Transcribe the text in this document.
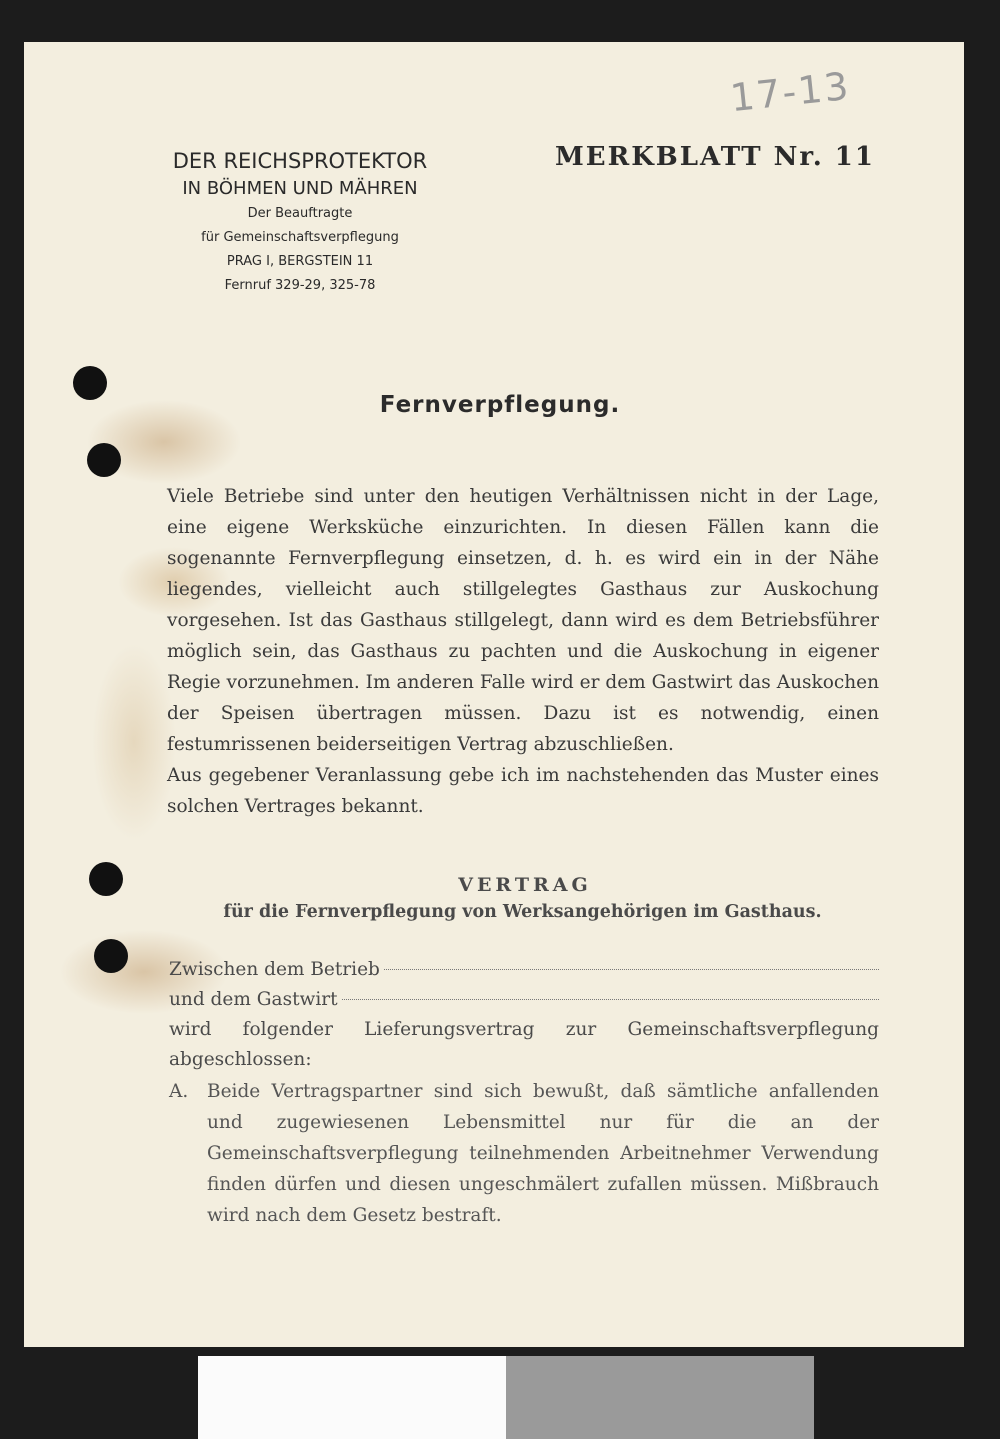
17-13
DER REICHSPROTEKTOR
IN BÖHMEN UND MÄHREN
Der Beauftragte
für Gemeinschaftsverpflegung
PRAG I, BERGSTEIN 11
Fernruf 329-29, 325-78
MERKBLATT Nr. 11
Fernverpflegung.

Viele Betriebe sind unter den heutigen Verhältnissen nicht in der Lage, eine eigene Werksküche einzurichten. In diesen Fällen kann die sogenannte Fernverpflegung einsetzen, d. h. es wird ein in der Nähe liegendes, vielleicht auch stillgelegtes Gasthaus zur Auskochung vorgesehen. Ist das Gasthaus stillgelegt, dann wird es dem Betriebsführer möglich sein, das Gasthaus zu pachten und die Auskochung in eigener Regie vorzunehmen. Im anderen Falle wird er dem Gastwirt das Auskochen der Speisen übertragen müssen. Dazu ist es notwendig, einen festumrissenen beiderseitigen Vertrag abzuschließen.

Aus gegebener Veranlassung gebe ich im nachstehenden das Muster eines solchen Vertrages bekannt.

VERTRAG
für die Fernverpflegung von Werksangehörigen im Gasthaus.
Zwischen dem Betrieb
und dem Gastwirt
wird folgender Lieferungsvertrag zur Gemeinschaftsverpflegung abgeschlossen:
A.	Beide Vertragspartner sind sich bewußt, daß sämtliche anfallenden und zugewiesenen Lebensmittel nur für die an der Gemeinschaftsverpflegung teilnehmenden Arbeitnehmer Verwendung finden dürfen und diesen ungeschmälert zufallen müssen. Mißbrauch wird nach dem Gesetz bestraft.
